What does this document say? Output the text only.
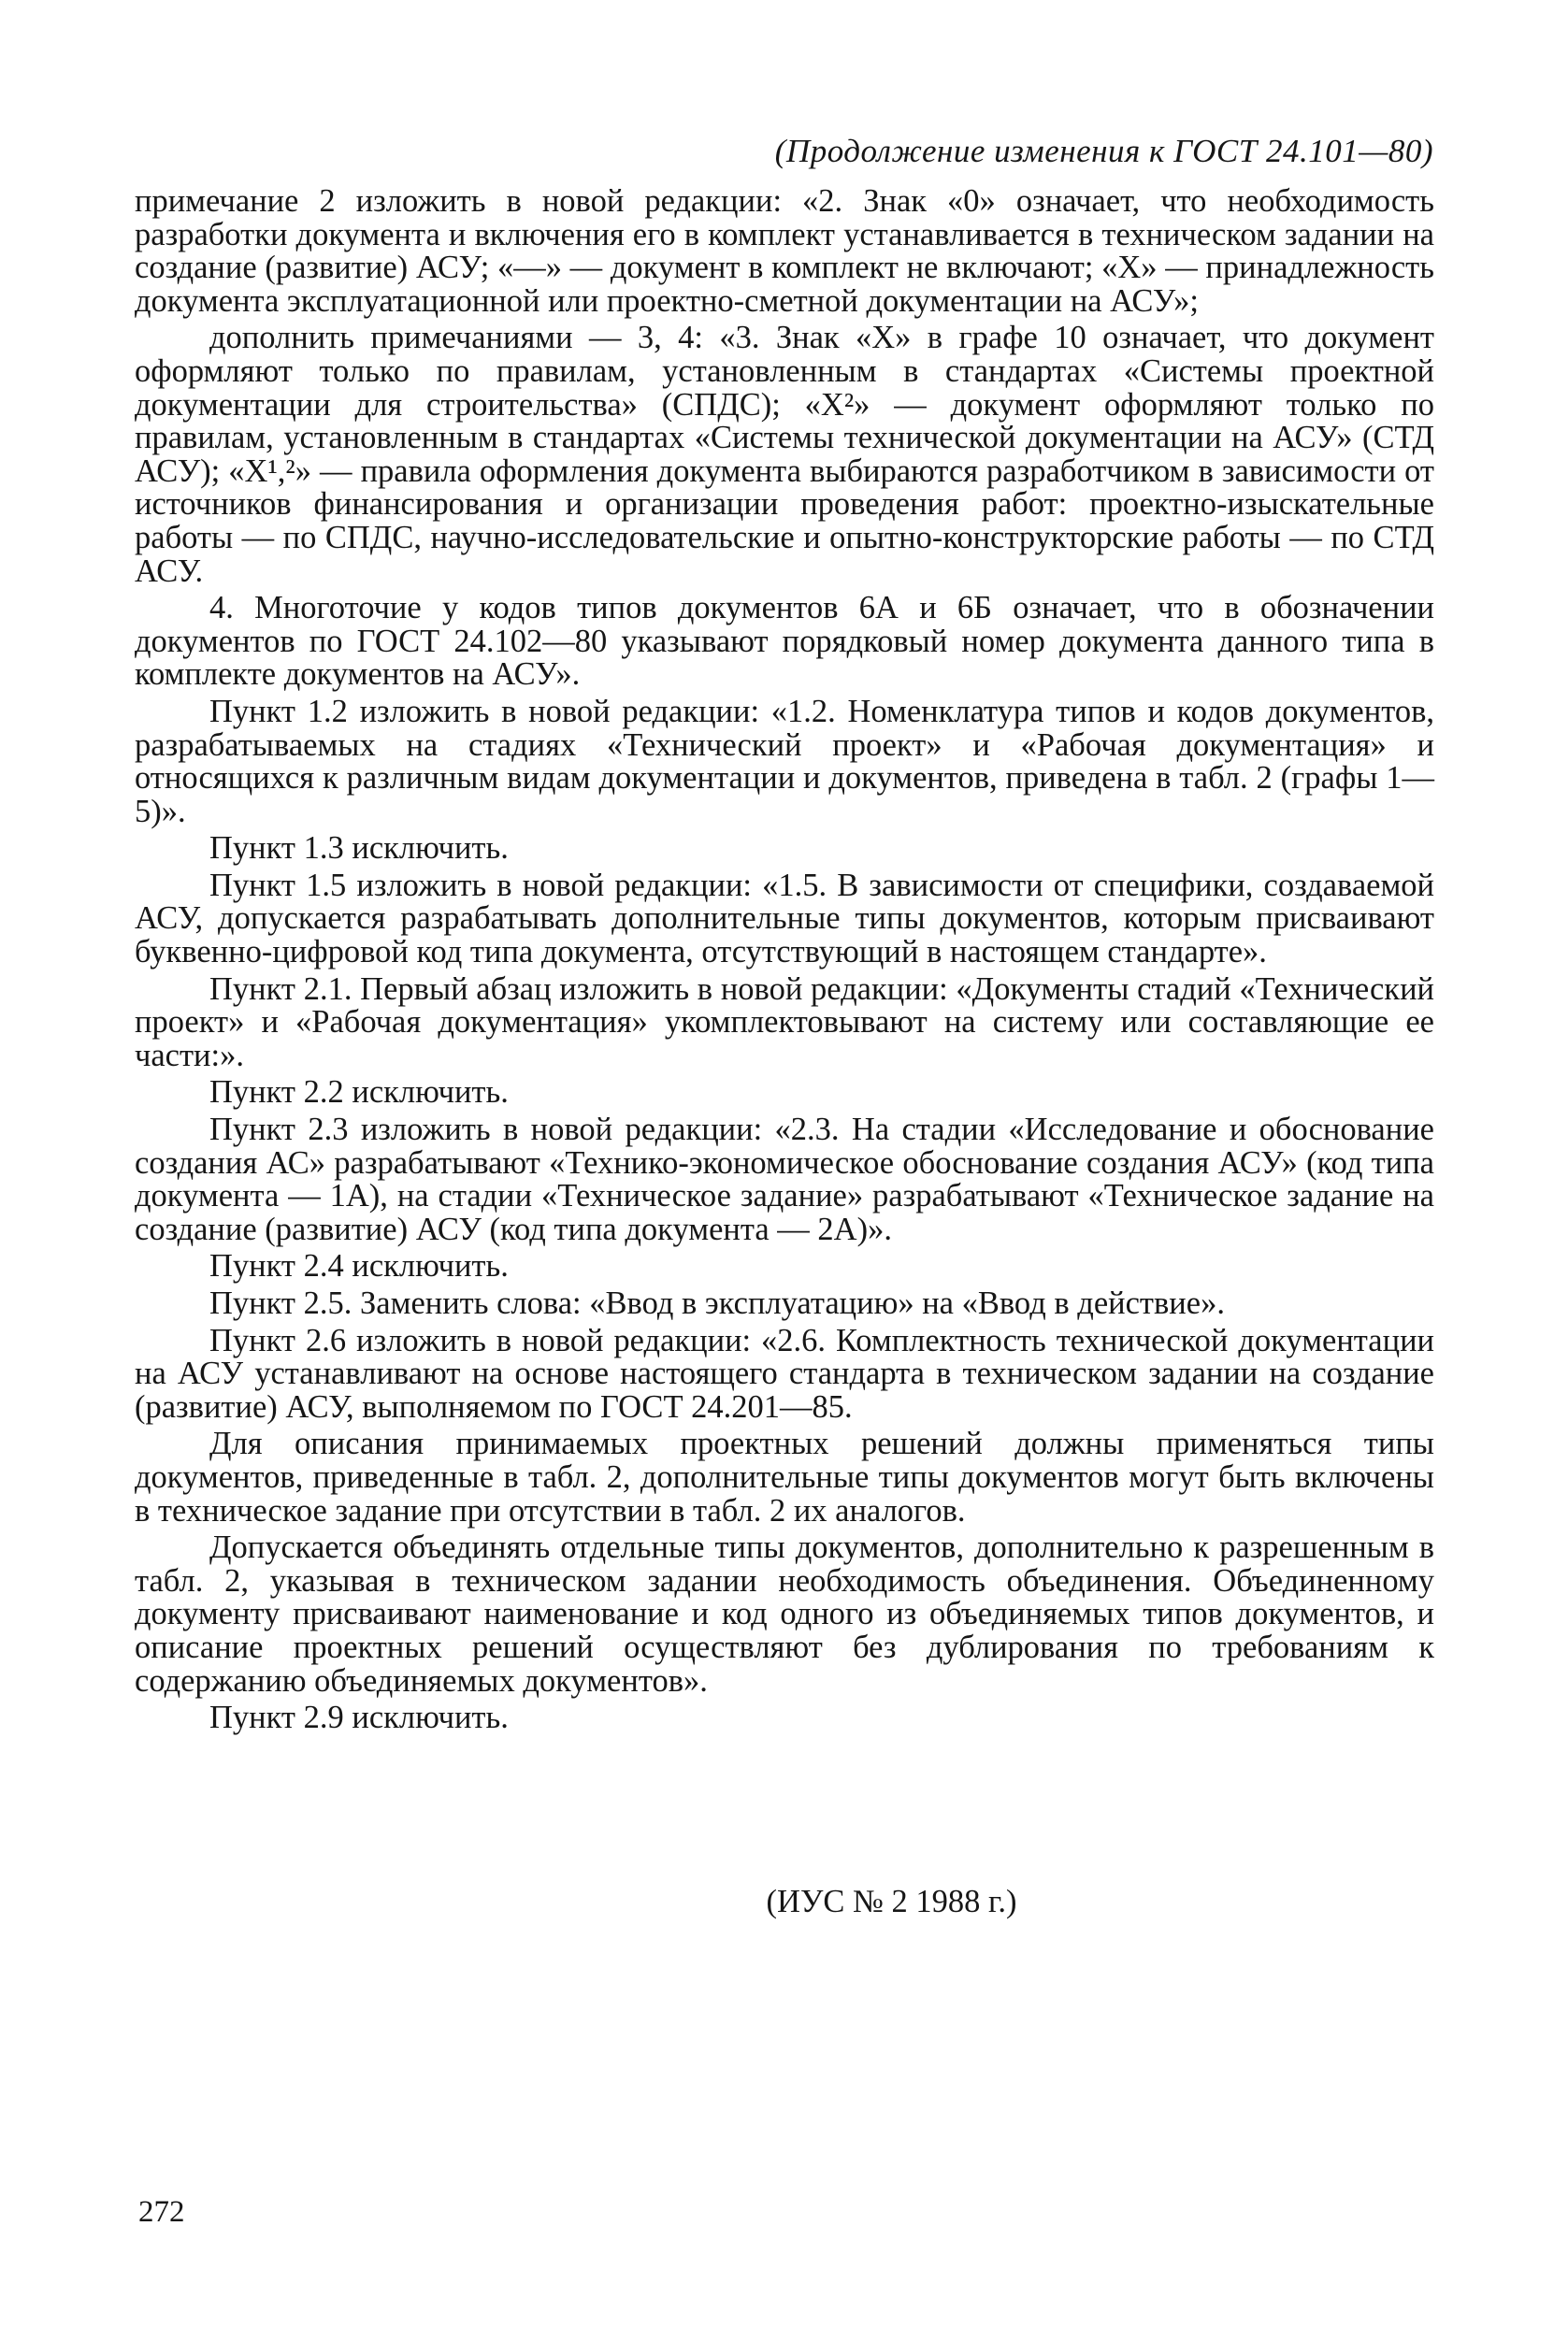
(Продолжение изменения к ГОСТ 24.101—80)

примечание 2 изложить в новой редакции: «2. Знак «0» означает, что необходимость разработки документа и включения его в комплект устанавливается в техническом задании на создание (развитие) АСУ; «—» — документ в комплект не включают; «X» — принадлежность документа эксплуатационной или проектно-сметной документации на АСУ»;

дополнить примечаниями — 3, 4: «3. Знак «X» в графе 10 означает, что документ оформляют только по правилам, установленным в стандартах «Системы проектной документации для строительства» (СПДС); «X²» — документ оформляют только по правилам, установленным в стандартах «Системы технической документации на АСУ» (СТД АСУ); «X¹,²» — правила оформления документа выбираются разработчиком в зависимости от источников финансирования и организации проведения работ: проектно-изыскательные работы — по СПДС, научно-исследовательские и опытно-конструкторские работы — по СТД АСУ.

4. Многоточие у кодов типов документов 6А и 6Б означает, что в обозначении документов по ГОСТ 24.102—80 указывают порядковый номер документа данного типа в комплекте документов на АСУ».

Пункт 1.2 изложить в новой редакции: «1.2. Номенклатура типов и кодов документов, разрабатываемых на стадиях «Технический проект» и «Рабочая документация» и относящихся к различным видам документации и документов, приведена в табл. 2 (графы 1—5)».

Пункт 1.3 исключить.

Пункт 1.5 изложить в новой редакции: «1.5. В зависимости от специфики, создаваемой АСУ, допускается разрабатывать дополнительные типы документов, которым присваивают буквенно-цифровой код типа документа, отсутствующий в настоящем стандарте».

Пункт 2.1. Первый абзац изложить в новой редакции: «Документы стадий «Технический проект» и «Рабочая документация» укомплектовывают на систему или составляющие ее части:».

Пункт 2.2 исключить.

Пункт 2.3 изложить в новой редакции: «2.3. На стадии «Исследование и обоснование создания АС» разрабатывают «Технико-экономическое обоснование создания АСУ» (код типа документа — 1А), на стадии «Техническое задание» разрабатывают «Техническое задание на создание (развитие) АСУ (код типа документа — 2А)».

Пункт 2.4 исключить.

Пункт 2.5. Заменить слова: «Ввод в эксплуатацию» на «Ввод в действие».

Пункт 2.6 изложить в новой редакции: «2.6. Комплектность технической документации на АСУ устанавливают на основе настоящего стандарта в техническом задании на создание (развитие) АСУ, выполняемом по ГОСТ 24.201—85.

Для описания принимаемых проектных решений должны применяться типы документов, приведенные в табл. 2, дополнительные типы документов могут быть включены в техническое задание при отсутствии в табл. 2 их аналогов.

Допускается объединять отдельные типы документов, дополнительно к разрешенным в табл. 2, указывая в техническом задании необходимость объединения. Объединенному документу присваивают наименование и код одного из объединяемых типов документов, и описание проектных решений осуществляют без дублирования по требованиям к содержанию объединяемых документов».

Пункт 2.9 исключить.

(ИУС № 2 1988 г.)
272
